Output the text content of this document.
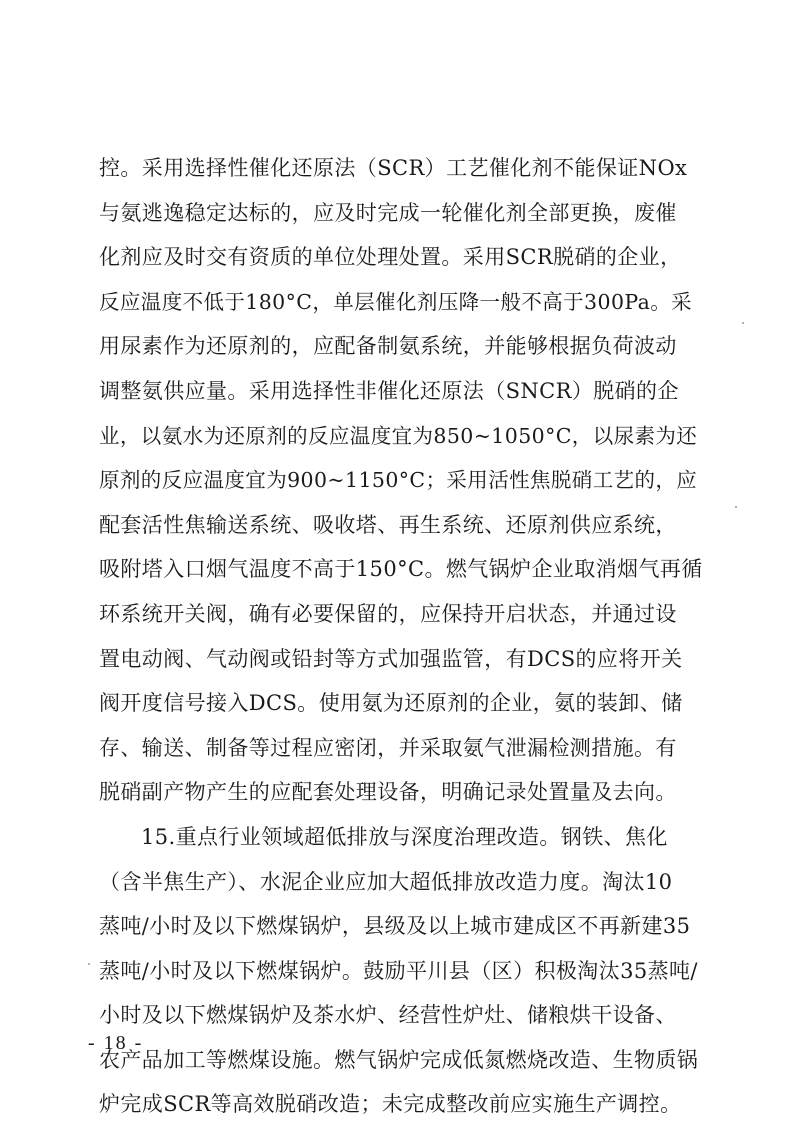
控。采用选择性催化还原法（SCR）工艺催化剂不能保证NOx
与氨逃逸稳定达标的，应及时完成一轮催化剂全部更换，废催
化剂应及时交有资质的单位处理处置。采用SCR脱硝的企业，
反应温度不低于180°C，单层催化剂压降一般不高于300Pa。采
用尿素作为还原剂的，应配备制氨系统，并能够根据负荷波动
调整氨供应量。采用选择性非催化还原法（SNCR）脱硝的企
业，以氨水为还原剂的反应温度宜为850~1050°C，以尿素为还
原剂的反应温度宜为900~1150°C；采用活性焦脱硝工艺的，应
配套活性焦输送系统、吸收塔、再生系统、还原剂供应系统，
吸附塔入口烟气温度不高于150°C。燃气锅炉企业取消烟气再循
环系统开关阀，确有必要保留的，应保持开启状态，并通过设
置电动阀、气动阀或铅封等方式加强监管，有DCS的应将开关
阀开度信号接入DCS。使用氨为还原剂的企业，氨的装卸、储
存、输送、制备等过程应密闭，并采取氨气泄漏检测措施。有
脱硝副产物产生的应配套处理设备，明确记录处置量及去向。
15.重点行业领域超低排放与深度治理改造。钢铁、焦化
（含半焦生产）、水泥企业应加大超低排放改造力度。淘汰10
蒸吨/小时及以下燃煤锅炉，县级及以上城市建成区不再新建35
蒸吨/小时及以下燃煤锅炉。鼓励平川县（区）积极淘汰35蒸吨/
小时及以下燃煤锅炉及茶水炉、经营性炉灶、储粮烘干设备、
农产品加工等燃煤设施。燃气锅炉完成低氮燃烧改造、生物质锅
炉完成SCR等高效脱硝改造；未完成整改前应实施生产调控。
- 18 -
